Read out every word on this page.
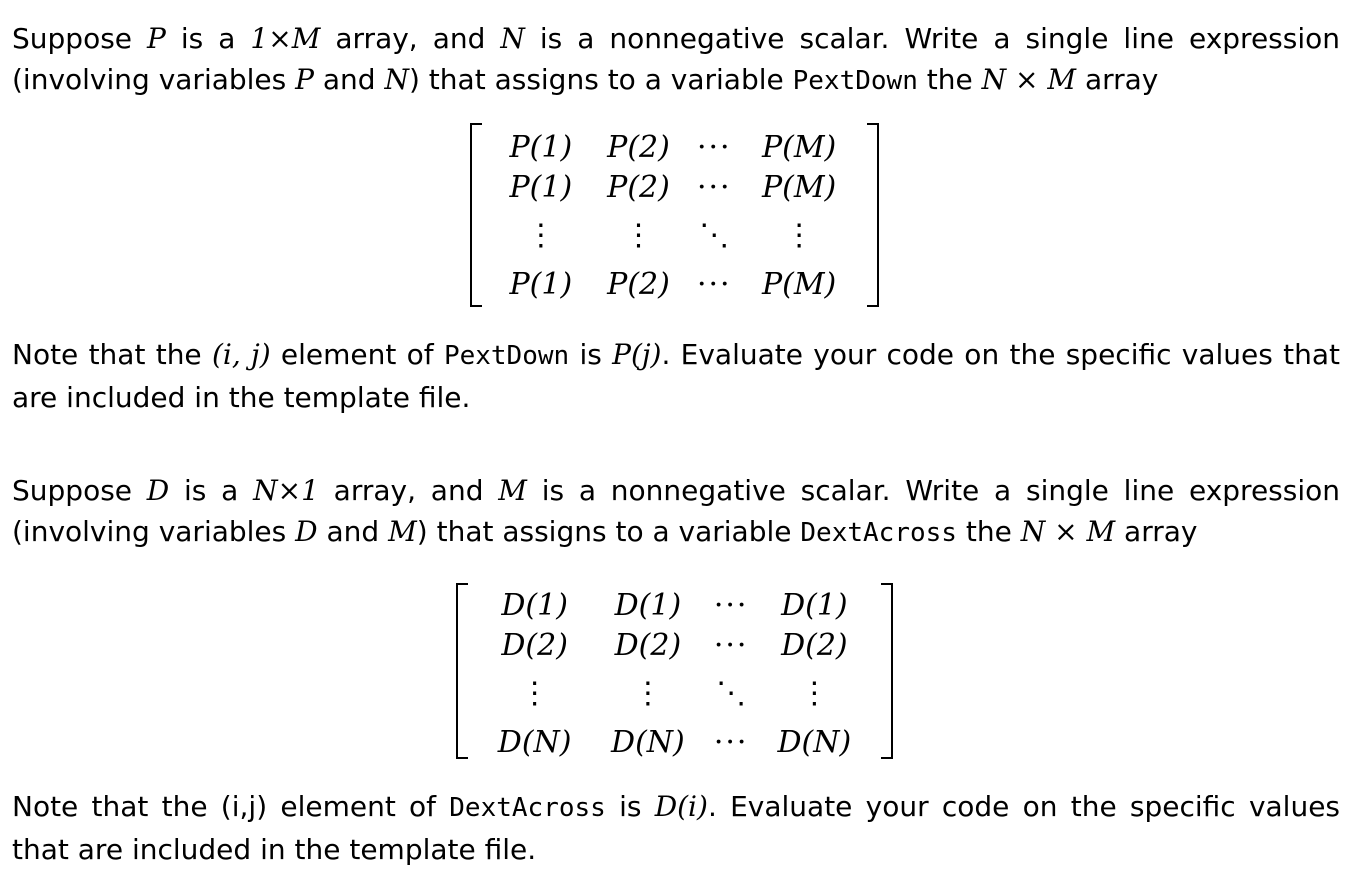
Suppose P is a 1×M array, and N is a nonnegative scalar. Write a single line expression (involving variables P and N) that assigns to a variable PextDown the N × M array

P(1)	P(2)	···	P(M)
P(1)	P(2)	···	P(M)
⋮	⋮	⋱	⋮
P(1)	P(2)	···	P(M)

Note that the (i, j) element of PextDown is P(j). Evaluate your code on the specific values that are included in the template file.

Suppose D is a N×1 array, and M is a nonnegative scalar. Write a single line expression (involving variables D and M) that assigns to a variable DextAcross the N × M array

D(1)	D(1)	···	D(1)
D(2)	D(2)	···	D(2)
⋮	⋮	⋱	⋮
D(N)	D(N)	···	D(N)

Note that the (i,j) element of DextAcross is D(i). Evaluate your code on the specific values that are included in the template file.
